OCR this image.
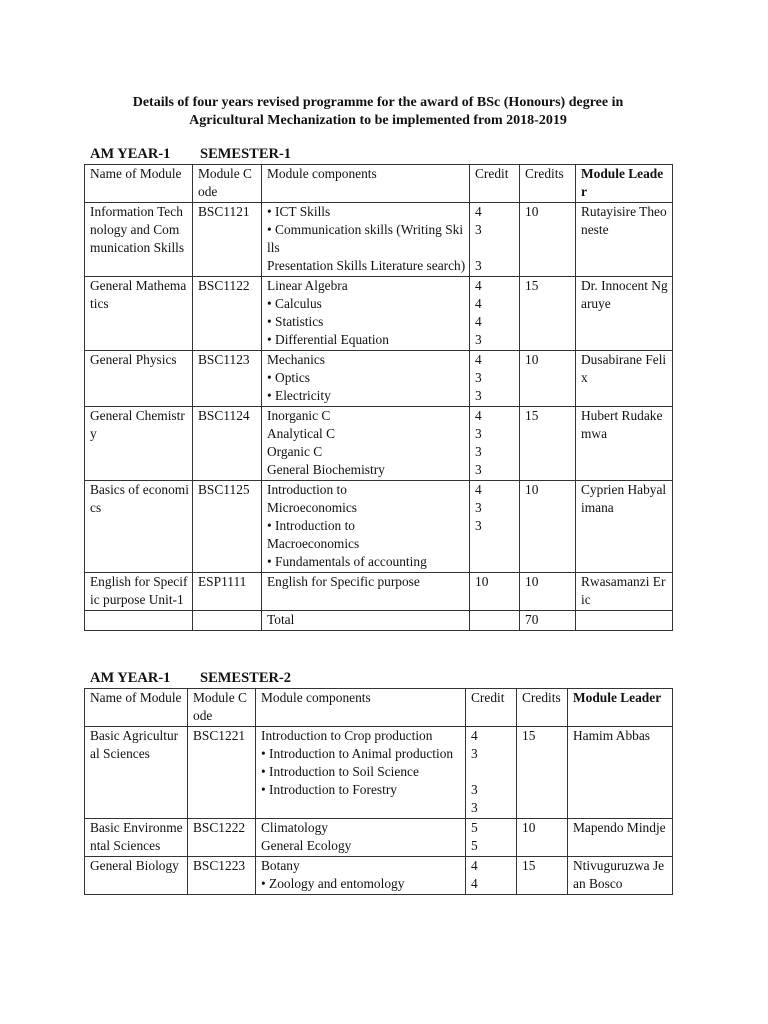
Details of four years revised programme for the award of BSc (Honours) degree in
Agricultural Mechanization to be implemented from 2018-2019
AM YEAR-1 SEMESTER-1
Name of Module	Module Code	Module components	Credit	Credits	Module Leader
Information Technology and Communication Skills	BSC1121	• ICT Skills
• Communication skills (Writing Skills
Presentation Skills Literature search)	4
3
3	10	Rutayisire Theoneste
General Mathematics	BSC1122	Linear Algebra
• Calculus
• Statistics
• Differential Equation	4
4
4
3	15	Dr. Innocent Ngaruye
General Physics	BSC1123	Mechanics
• Optics
• Electricity	4
3
3	10	Dusabirane Felix
General Chemistry	BSC1124	Inorganic C
Analytical C
Organic C
General Biochemistry	4
3
3
3	15	Hubert Rudakemwa
Basics of economics	BSC1125	Introduction to
Microeconomics
• Introduction to
Macroeconomics
• Fundamentals of accounting	4
3
3	10	Cyprien Habyalimana
English for Specific purpose Unit-1	ESP1111	English for Specific purpose	10	10	Rwasamanzi Eric
		Total		70	
AM YEAR-1 SEMESTER-2
Name of Module	Module Code	Module components	Credit	Credits	Module Leader
Basic Agricultural Sciences	BSC1221	Introduction to Crop production
• Introduction to Animal production
• Introduction to Soil Science
• Introduction to Forestry	4
3
3
3	15	Hamim Abbas
Basic Environmental Sciences	BSC1222	Climatology
General Ecology	5
5	10	Mapendo Mindje
General Biology	BSC1223	Botany
• Zoology and entomology	4
4	15	Ntivuguruzwa Jean Bosco
